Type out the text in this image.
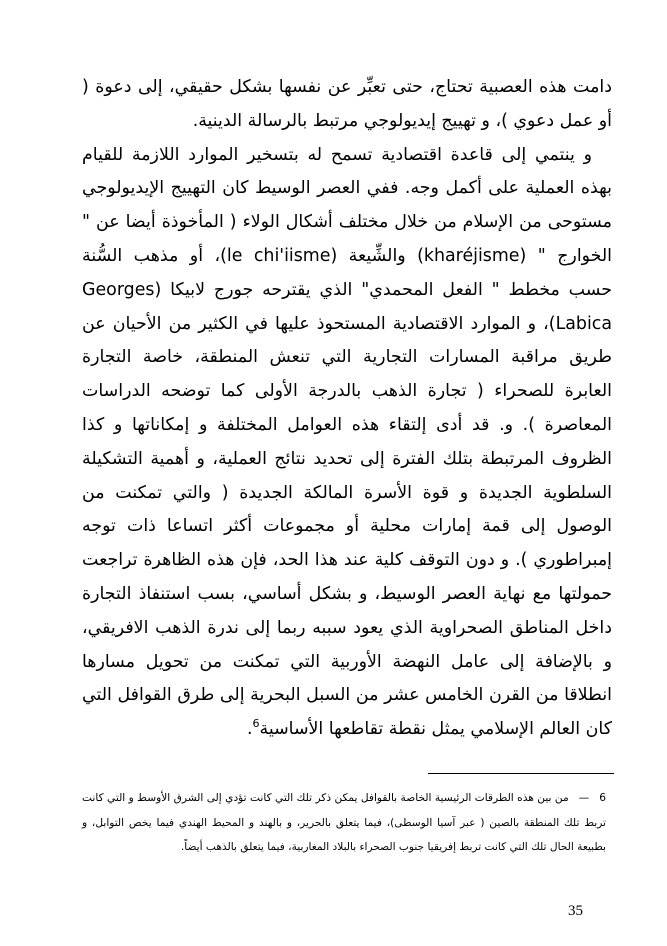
دامت هذه العصبية تحتاج، حتى تعبِّر عن نفسها بشكل حقيقي، إلى دعوة ( أو عمل دعوي )، و تهييج إيديولوجي مرتبط بالرسالة الدينية.

و ينتمي إلى قاعدة اقتصادية تسمح له بتسخير الموارد اللازمة للقيام بهذه العملية على أكمل وجه. ففي العصر الوسيط كان التهييج الإيديولوجي مستوحى من الإسلام من خلال مختلف أشكال الولاء ( المأخوذة أيضا عن " الخوارج " (kharéjisme) والشِّيعة (le chi'iisme)، أو مذهب السُّنة حسب مخطط " الفعل المحمدي" الذي يقترحه جورج لابيكا (Georges Labica)، و الموارد الاقتصادية المستحوذ عليها في الكثير من الأحيان عن طريق مراقبة المسارات التجارية التي تنعش المنطقة، خاصة التجارة العابرة للصحراء ( تجارة الذهب بالدرجة الأولى كما توضحه الدراسات المعاصرة ). و. قد أدى إلتقاء هذه العوامل المختلفة و إمكاناتها و كذا الظروف المرتبطة بتلك الفترة إلى تحديد نتائج العملية، و أهمية التشكيلة السلطوية الجديدة و قوة الأسرة المالكة الجديدة ( والتي تمكنت من الوصول إلى قمة إمارات محلية أو مجموعات أكثر اتساعا ذات توجه إمبراطوري ). و دون التوقف كلية عند هذا الحد، فإن هذه الظاهرة تراجعت حمولتها مع نهاية العصر الوسيط، و بشكل أساسي، بسب استنفاذ التجارة داخل المناطق الصحراوية الذي يعود سببه ربما إلى ندرة الذهب الافريقي، و بالإضافة إلى عامل النهضة الأوربية التي تمكنت من تحويل مسارها انطلاقا من القرن الخامس عشر من السبل البحرية إلى طرق القوافل التي كان العالم الإسلامي يمثل نقطة تقاطعها الأساسية$^6$.

6—من بين هذه الطرقات الرئيسية الخاصة بالقوافل يمكن ذكر تلك التي كانت تؤدي إلى الشرق الأوسط و التي كانت تربط تلك المنطقة بالصين ( عبر آسيا الوسطى)، فيما يتعلق بالحرير، و بالهند و المحيط الهندي فيما يخص التوابل، و بطبيعة الحال تلك التي كانت تربط إفريقيا جنوب الصحراء بالبلاد المغاربية، فيما يتعلق بالذهب أيضاً.
35
